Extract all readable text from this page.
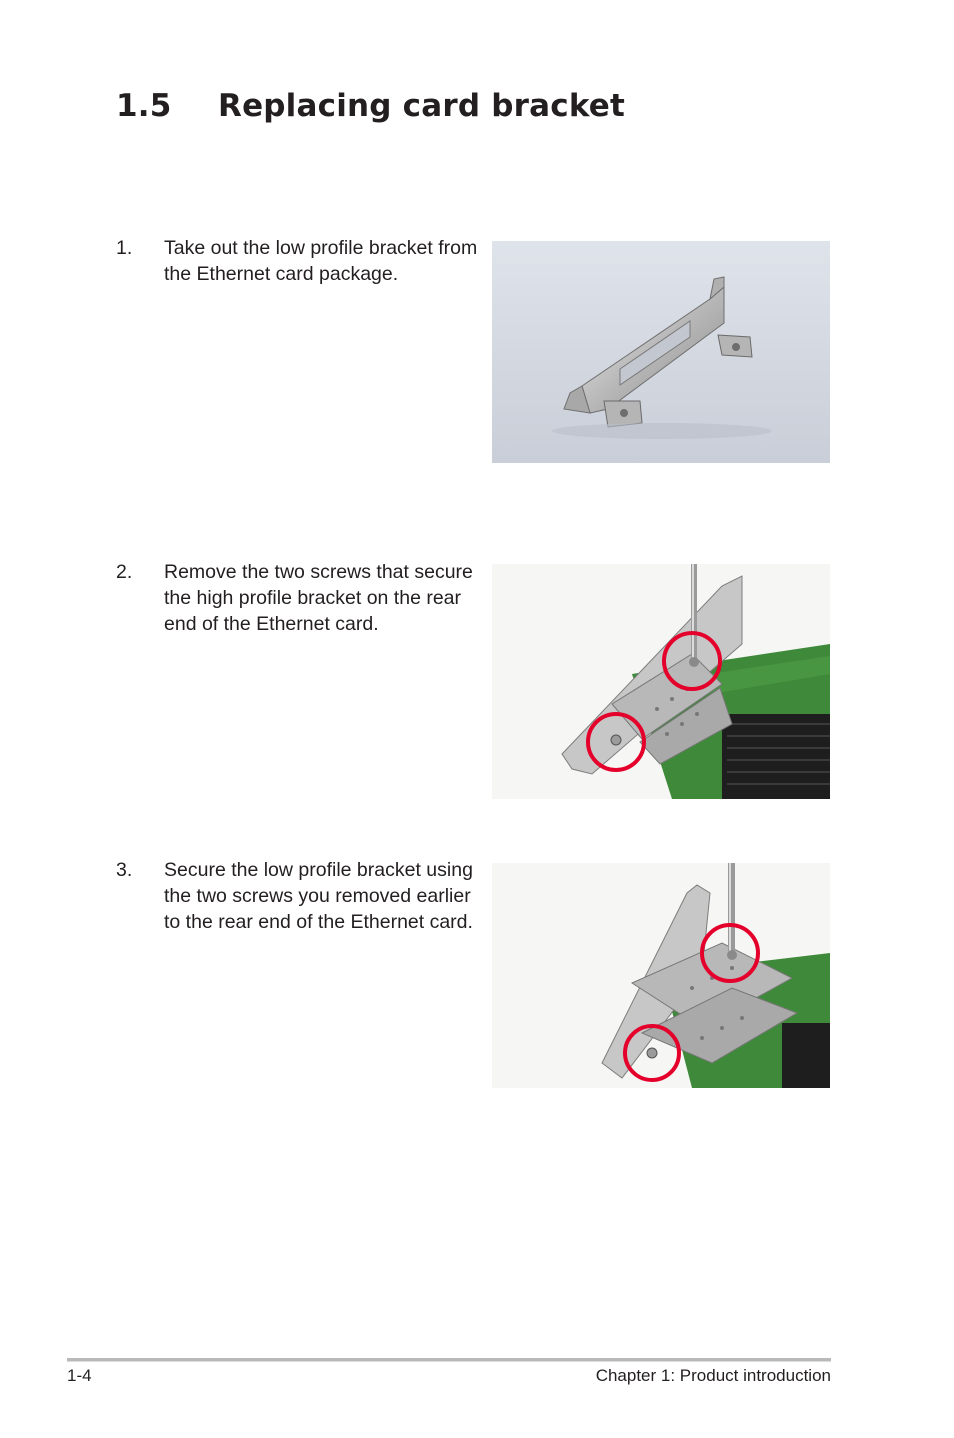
1.5 Replacing card bracket
1. Take out the low profile bracket from the Ethernet card package.
2. Remove the two screws that secure the high profile bracket on the rear end of the Ethernet card.
3. Secure the low profile bracket using the two screws you removed earlier to the rear end of the Ethernet card.
1-4	Chapter 1: Product introduction
